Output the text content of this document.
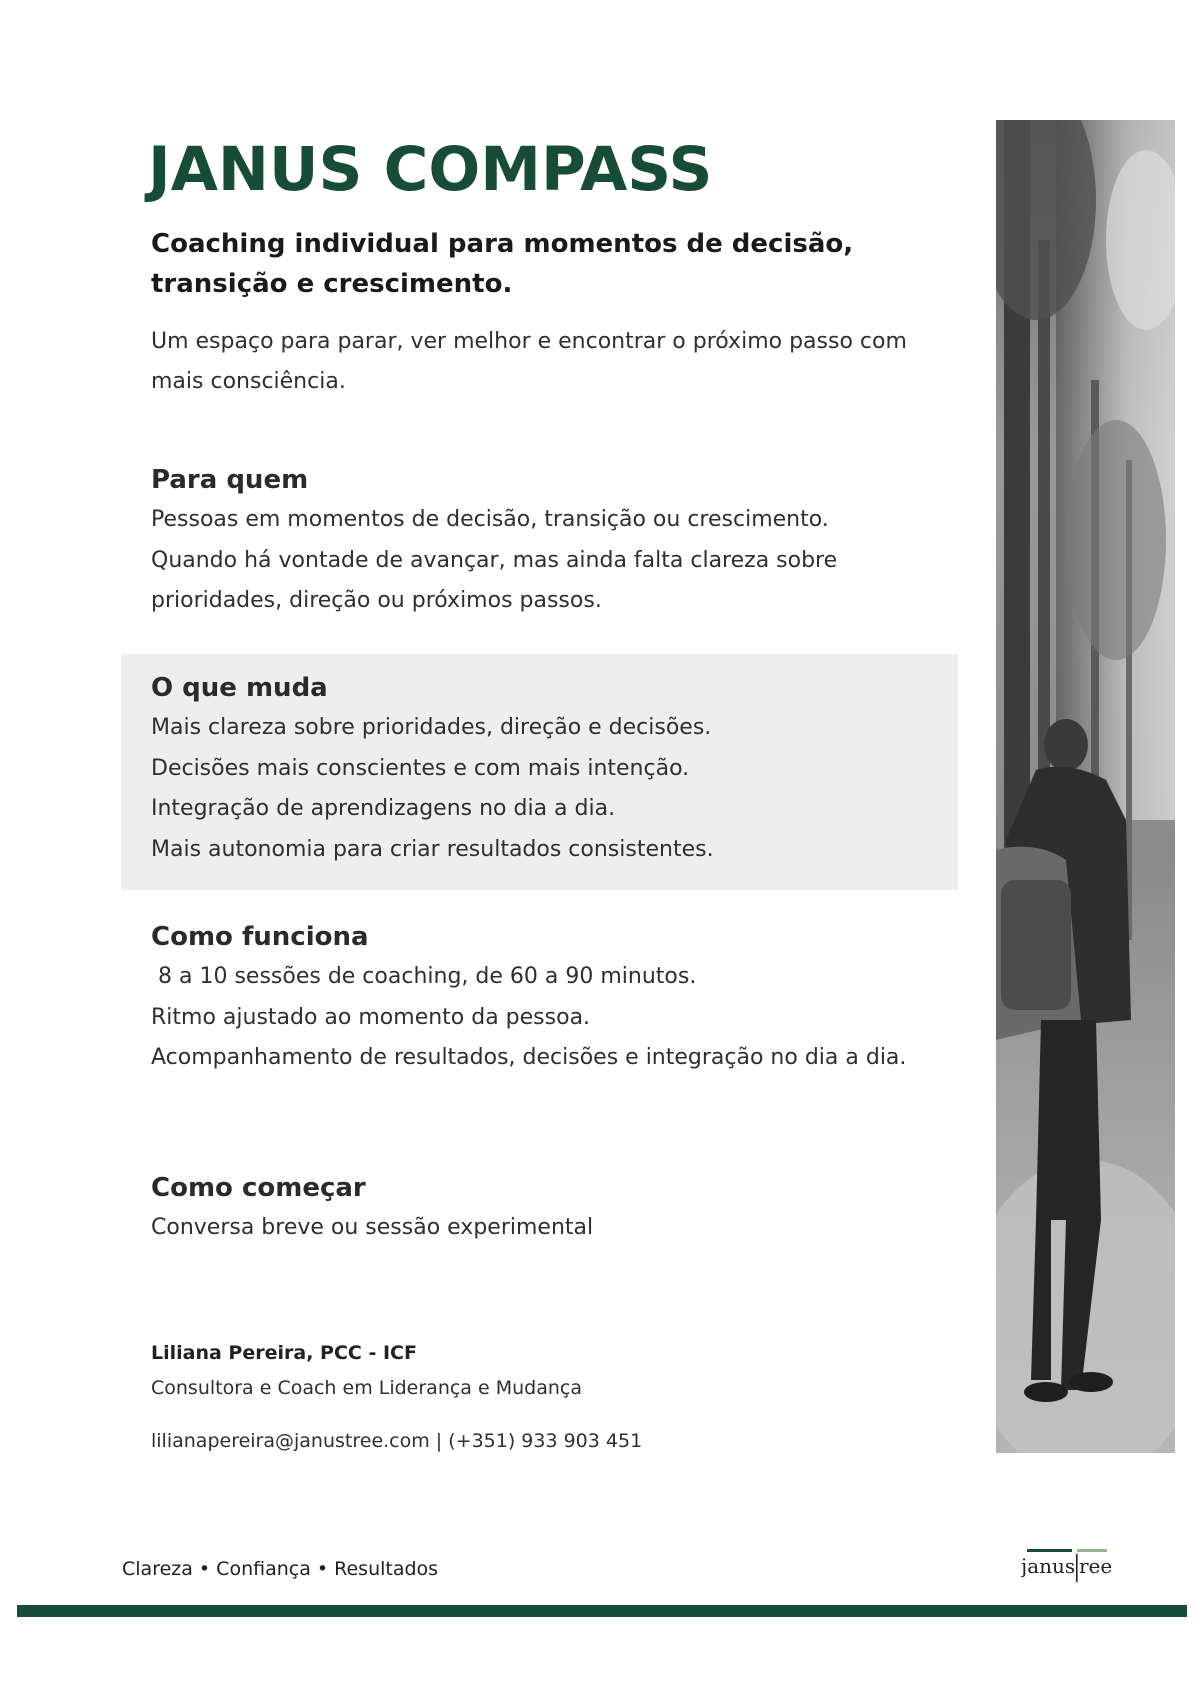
JANUS COMPASS

Coaching individual para momentos de decisão, transição e crescimento.

Um espaço para parar, ver melhor e encontrar o próximo passo com mais consciência.

Para quem
Pessoas em momentos de decisão, transição ou crescimento.
Quando há vontade de avançar, mas ainda falta clareza sobre
prioridades, direção ou próximos passos.
O que muda
Mais clareza sobre prioridades, direção e decisões.
Decisões mais conscientes e com mais intenção.
Integração de aprendizagens no dia a dia.
Mais autonomia para criar resultados consistentes.
Como funciona
8 a 10 sessões de coaching, de 60 a 90 minutos.
Ritmo ajustado ao momento da pessoa.
Acompanhamento de resultados, decisões e integração no dia a dia.
Como começar
Conversa breve ou sessão experimental
Liliana Pereira, PCC - ICF
Consultora e Coach em Liderança e Mudança
lilianapereira@janustree.com | (+351) 933 903 451
Clareza • Confiança • Resultados	janus ree
